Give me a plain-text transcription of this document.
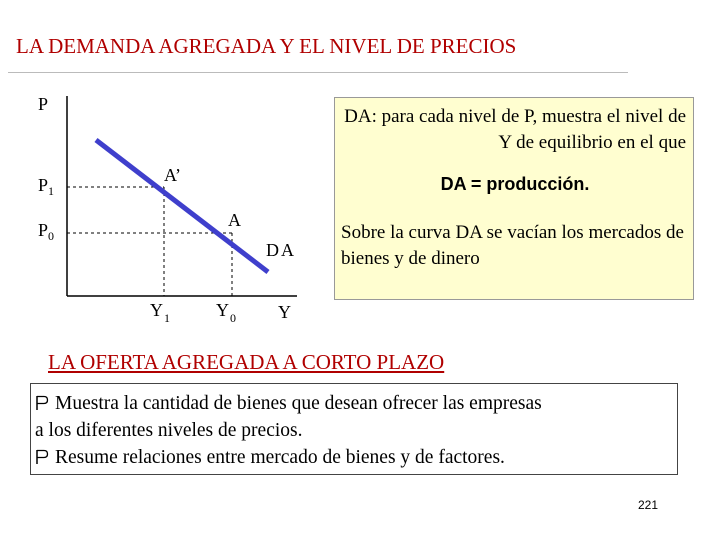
LA DEMANDA AGREGADA Y EL NIVEL DE PRECIOS
P
$P_1$
$P_0$
$Y_1$	$Y_0$ Y
A’
A
DA
DA: para cada nivel de P, muestra el nivel de Y de equilibrio en el que
DA = producción.
Sobre la curva DA se vacían los mercados de bienes y de dinero
LA OFERTA AGREGADA A CORTO PLAZO
Muestra la cantidad de bienes que desean ofrecer las empresas
a los diferentes niveles de precios.
Resume relaciones entre mercado de bienes y de factores.
221
